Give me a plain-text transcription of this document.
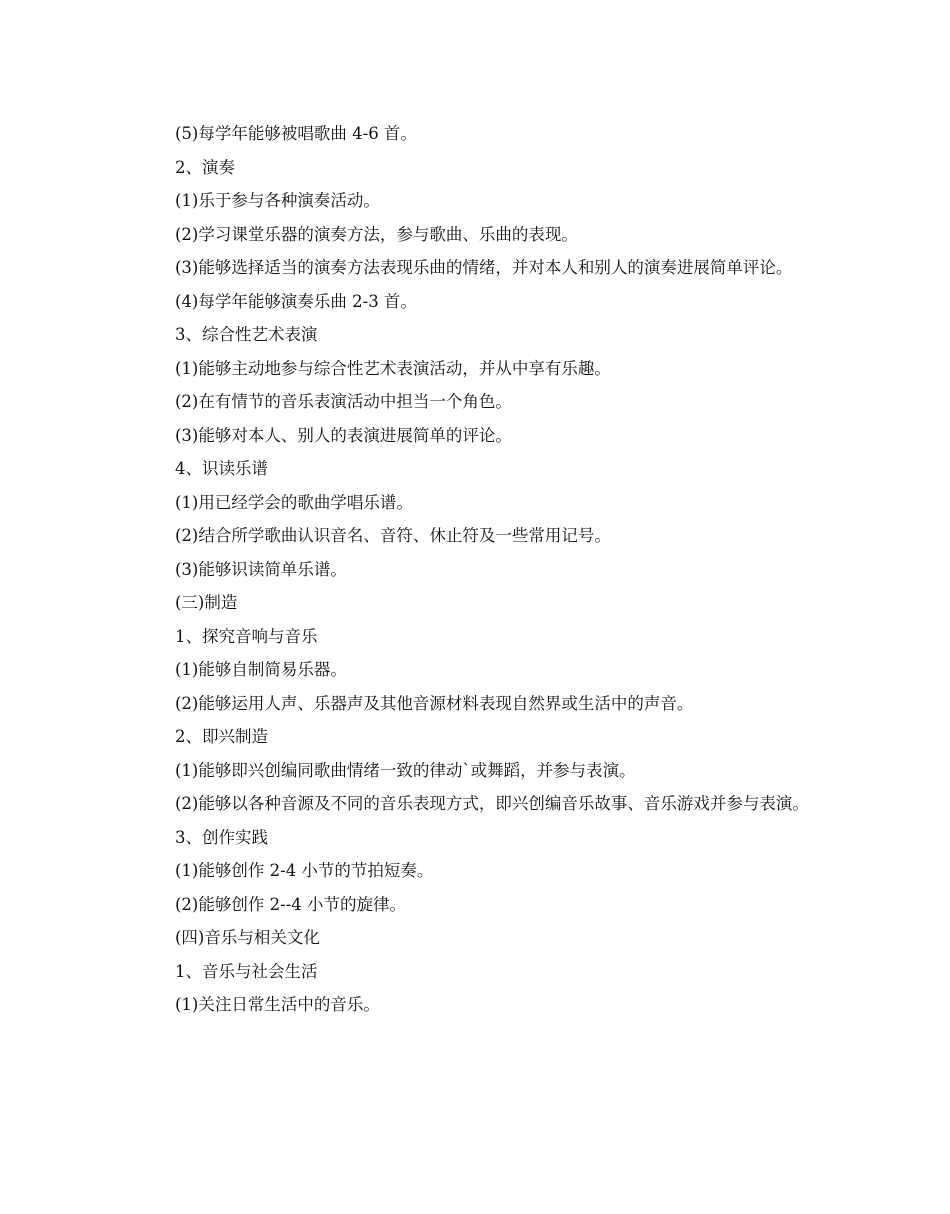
(5)每学年能够被唱歌曲 4-6 首。

2、演奏

(1)乐于参与各种演奏活动。

(2)学习课堂乐器的演奏方法，参与歌曲、乐曲的表现。

(3)能够选择适当的演奏方法表现乐曲的情绪，并对本人和别人的演奏进展简单评论。

(4)每学年能够演奏乐曲 2-3 首。

3、综合性艺术表演

(1)能够主动地参与综合性艺术表演活动，并从中享有乐趣。

(2)在有情节的音乐表演活动中担当一个角色。

(3)能够对本人、别人的表演进展简单的评论。

4、识读乐谱

(1)用已经学会的歌曲学唱乐谱。

(2)结合所学歌曲认识音名、音符、休止符及一些常用记号。

(3)能够识读简单乐谱。

(三)制造

1、探究音响与音乐

(1)能够自制简易乐器。

(2)能够运用人声、乐器声及其他音源材料表现自然界或生活中的声音。

2、即兴制造

(1)能够即兴创编同歌曲情绪一致的律动`或舞蹈，并参与表演。

(2)能够以各种音源及不同的音乐表现方式，即兴创编音乐故事、音乐游戏并参与表演。

3、创作实践

(1)能够创作 2-4 小节的节拍短奏。

(2)能够创作 2--4 小节的旋律。

(四)音乐与相关文化

1、音乐与社会生活

(1)关注日常生活中的音乐。
